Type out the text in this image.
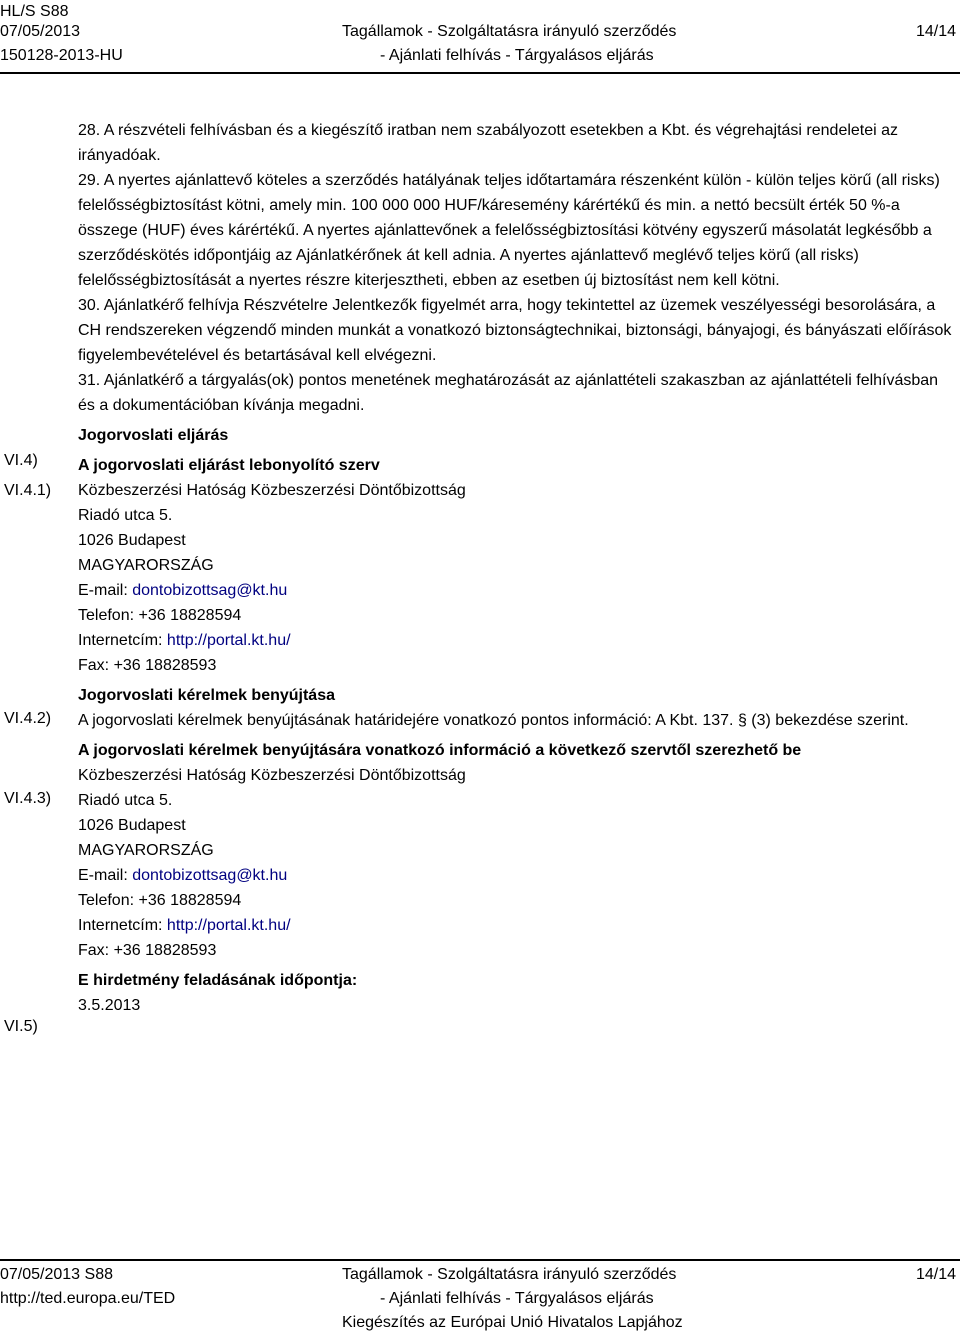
HL/S S88
07/05/2013
150128-2013-HU
Tagállamok - Szolgáltatásra irányuló szerződés
- Ajánlati felhívás - Tárgyalásos eljárás
14/14
VI.4)
VI.4.1)
VI.4.2)
VI.4.3)
VI.5)

28. A részvételi felhívásban és a kiegészítő iratban nem szabályozott esetekben a Kbt. és végrehajtási rendeletei az irányadóak.

29. A nyertes ajánlattevő köteles a szerződés hatályának teljes időtartamára részenként külön - külön teljes körű (all risks) felelősségbiztosítást kötni, amely min. 100 000 000 HUF/káresemény kárértékű és min. a nettó becsült érték 50 %-a összege (HUF) éves kárértékű. A nyertes ajánlattevőnek a felelősségbiztosítási kötvény egyszerű másolatát legkésőbb a szerződéskötés időpontjáig az Ajánlatkérőnek át kell adnia. A nyertes ajánlattevő meglévő teljes körű (all risks) felelősségbiztosítását a nyertes részre kiterjesztheti, ebben az esetben új biztosítást nem kell kötni.

30. Ajánlatkérő felhívja Részvételre Jelentkezők figyelmét arra, hogy tekintettel az üzemek veszélyességi besorolására, a CH rendszereken végzendő minden munkát a vonatkozó biztonságtechnikai, biztonsági, bányajogi, és bányászati előírások figyelembevételével és betartásával kell elvégezni.

31. Ajánlatkérő a tárgyalás(ok) pontos menetének meghatározását az ajánlattételi szakaszban az ajánlattételi felhívásban és a dokumentációban kívánja megadni.

Jogorvoslati eljárás

A jogorvoslati eljárást lebonyolító szerv

Közbeszerzési Hatóság Közbeszerzési Döntőbizottság

Riadó utca 5.

1026 Budapest

MAGYARORSZÁG

E-mail: dontobizottsag@kt.hu

Telefon: +36 18828594

Internetcím: http://portal.kt.hu/

Fax: +36 18828593

Jogorvoslati kérelmek benyújtása

A jogorvoslati kérelmek benyújtásának határidejére vonatkozó pontos információ: A Kbt. 137. § (3) bekezdése szerint.

A jogorvoslati kérelmek benyújtására vonatkozó információ a következő szervtől szerezhető be

Közbeszerzési Hatóság Közbeszerzési Döntőbizottság

Riadó utca 5.

1026 Budapest

MAGYARORSZÁG

E-mail: dontobizottsag@kt.hu

Telefon: +36 18828594

Internetcím: http://portal.kt.hu/

Fax: +36 18828593

E hirdetmény feladásának időpontja:

3.5.2013

07/05/2013 S88
http://ted.europa.eu/TED
Tagállamok - Szolgáltatásra irányuló szerződés
- Ajánlati felhívás - Tárgyalásos eljárás
Kiegészítés az Európai Unió Hivatalos Lapjához
14/14
